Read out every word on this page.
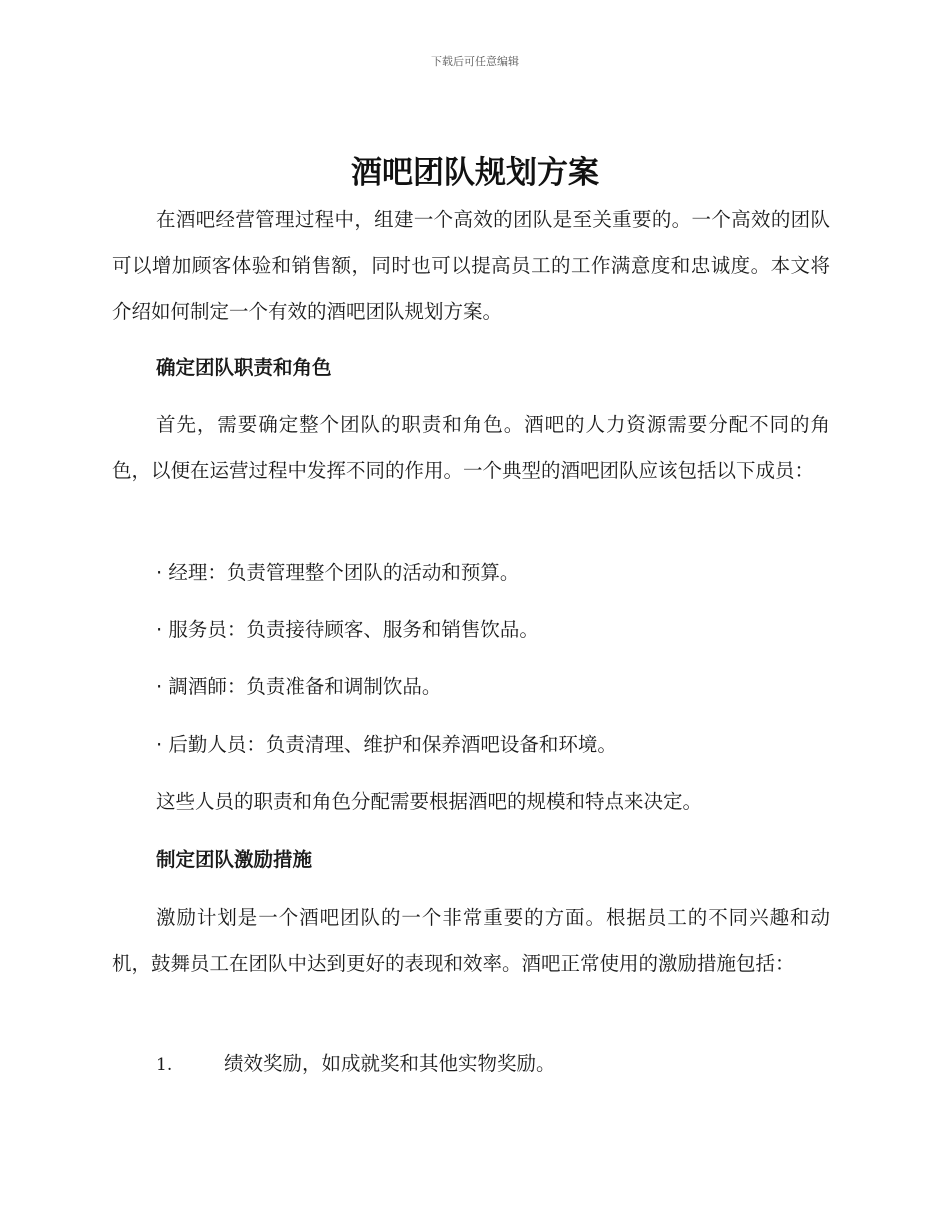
下载后可任意编辑
酒吧团队规划方案

在酒吧经营管理过程中，组建一个高效的团队是至关重要的。一个高效的团队可以增加顾客体验和销售额，同时也可以提高员工的工作满意度和忠诚度。本文将介绍如何制定一个有效的酒吧团队规划方案。

确定团队职责和角色

首先，需要确定整个团队的职责和角色。酒吧的人力资源需要分配不同的角色，以便在运营过程中发挥不同的作用。一个典型的酒吧团队应该包括以下成员：

· 经理：负责管理整个团队的活动和预算。

· 服务员：负责接待顾客、服务和销售饮品。

· 調酒師：负责准备和调制饮品。

· 后勤人员：负责清理、维护和保养酒吧设备和环境。

这些人员的职责和角色分配需要根据酒吧的规模和特点来决定。

制定团队激励措施

激励计划是一个酒吧团队的一个非常重要的方面。根据员工的不同兴趣和动机，鼓舞员工在团队中达到更好的表现和效率。酒吧正常使用的激励措施包括：

1.	绩效奖励，如成就奖和其他实物奖励。
